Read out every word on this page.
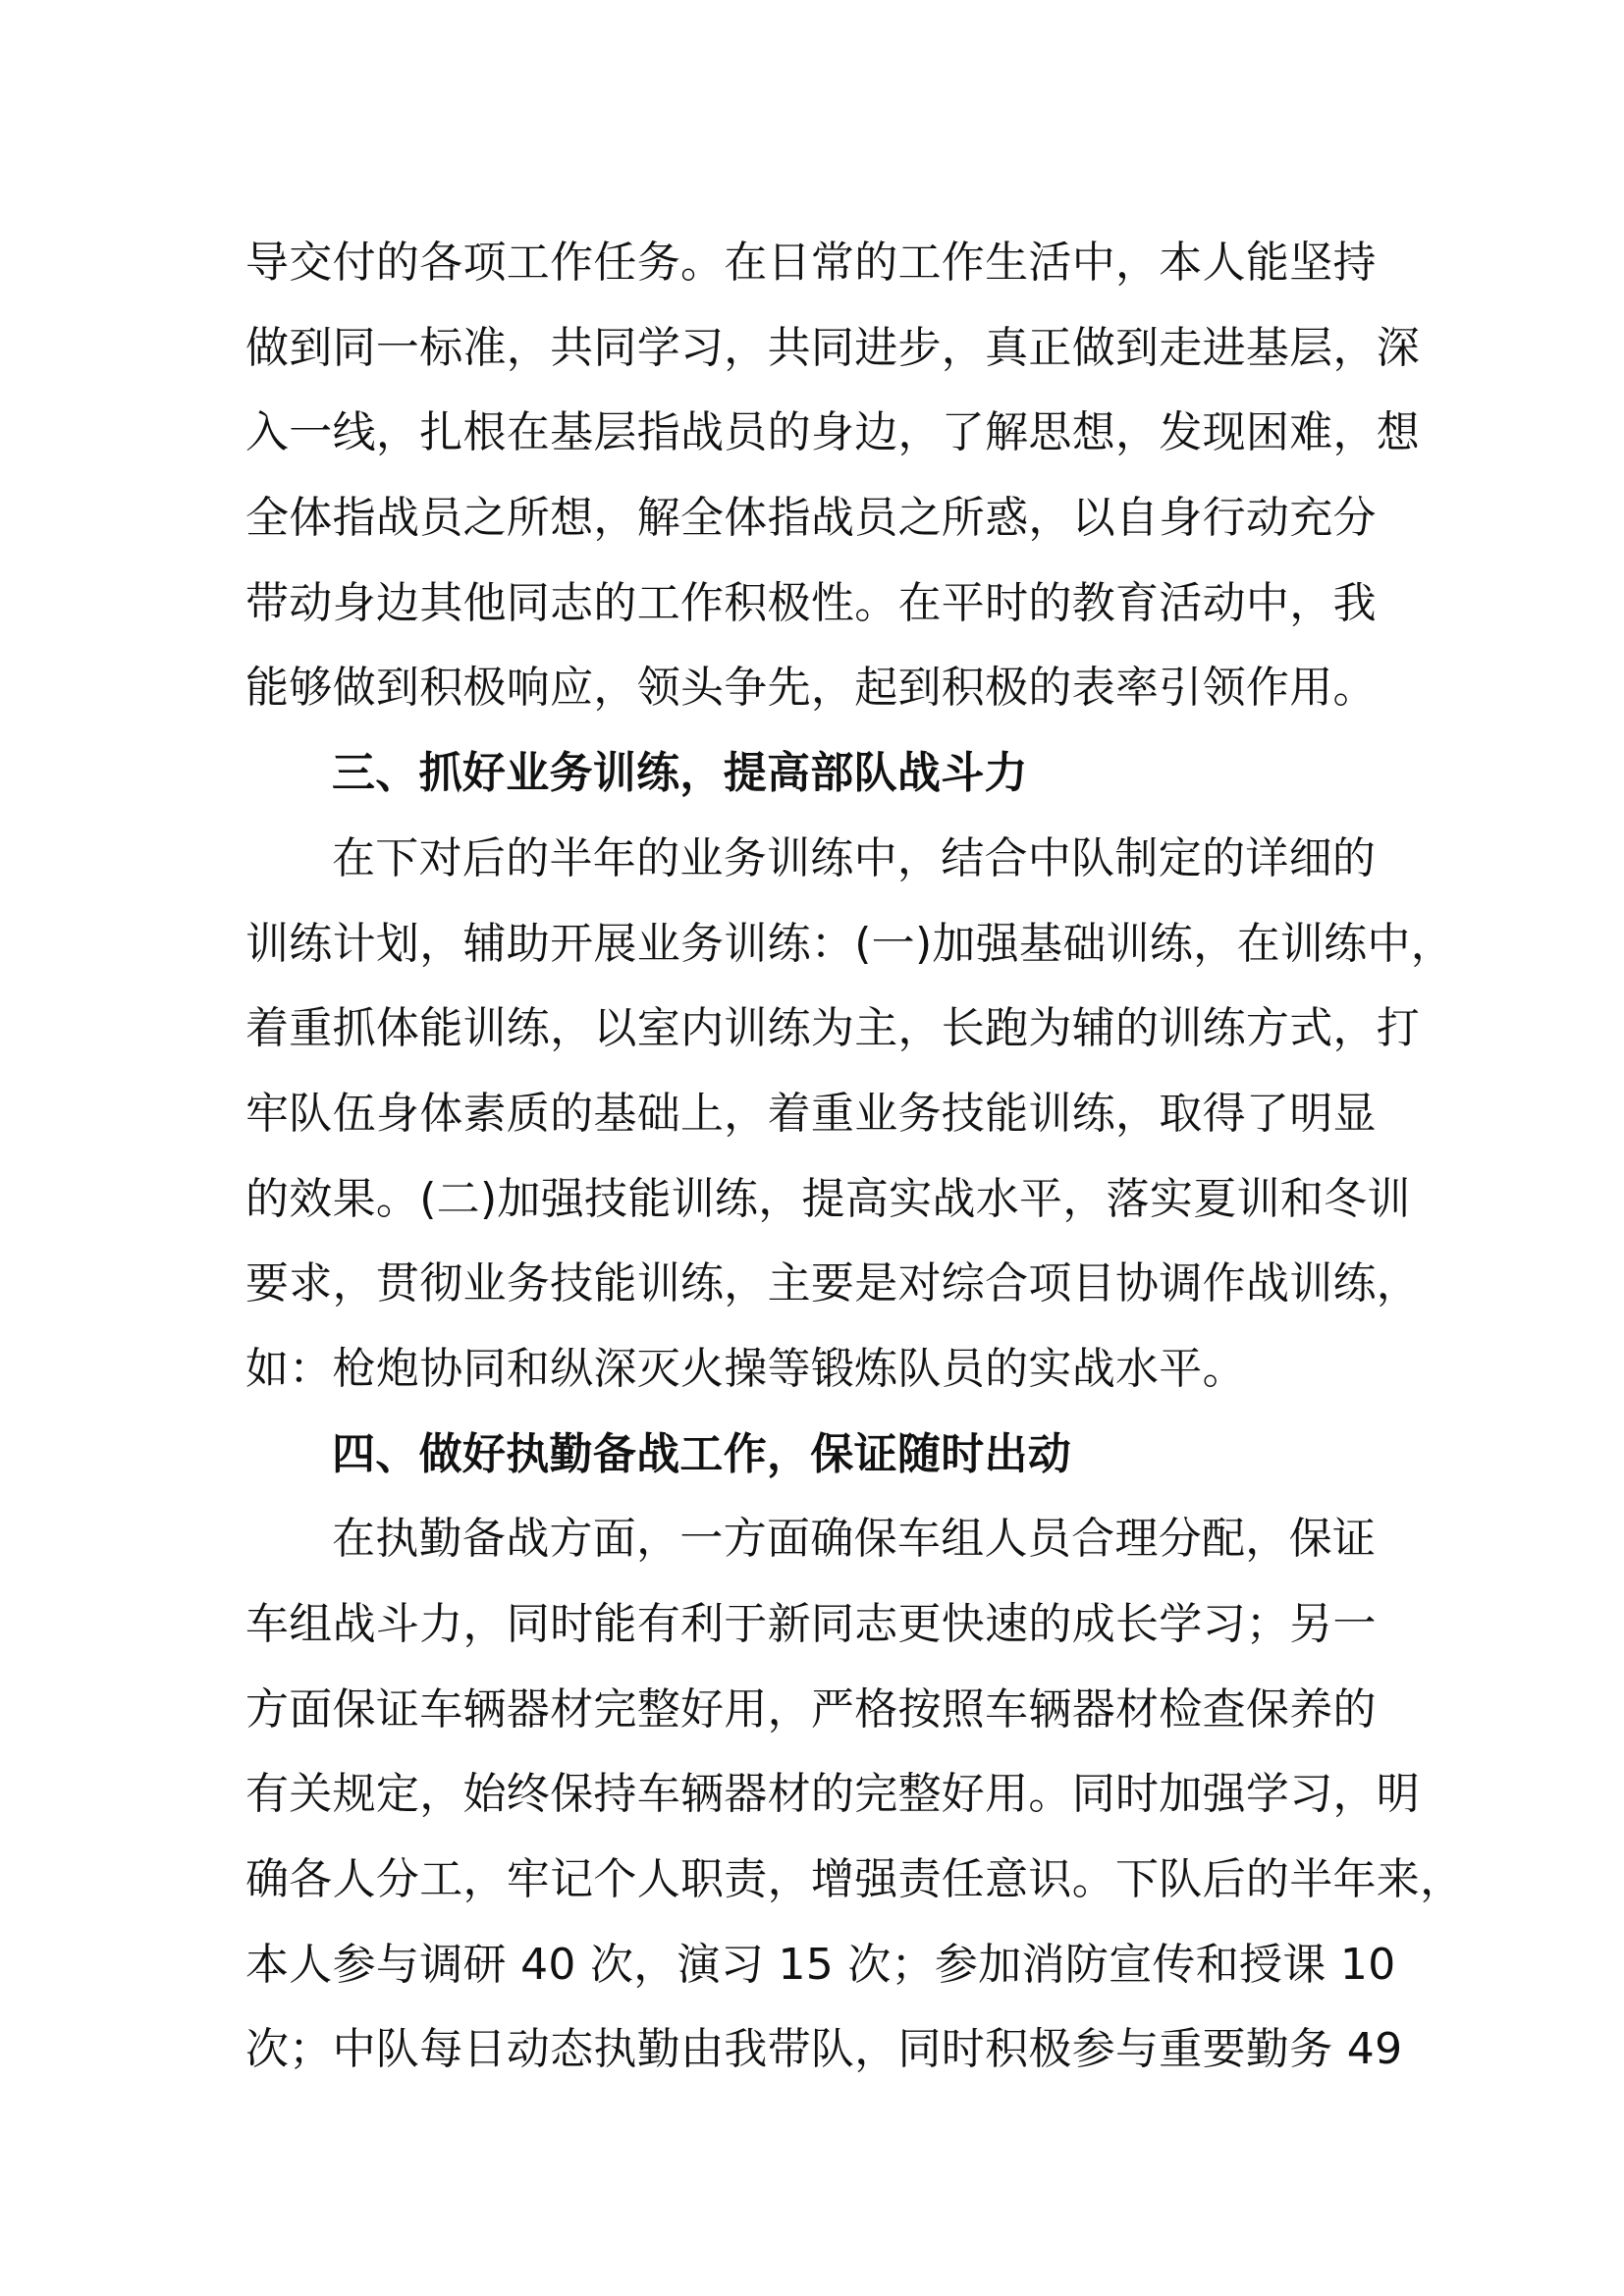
导交付的各项工作任务。在日常的工作生活中，本人能坚持
做到同一标准，共同学习，共同进步，真正做到走进基层，深
入一线，扎根在基层指战员的身边，了解思想，发现困难，想
全体指战员之所想，解全体指战员之所惑，以自身行动充分
带动身边其他同志的工作积极性。在平时的教育活动中，我
能够做到积极响应，领头争先，起到积极的表率引领作用。
三、抓好业务训练，提高部队战斗力
在下对后的半年的业务训练中，结合中队制定的详细的
训练计划，辅助开展业务训练：(一)加强基础训练，在训练中，
着重抓体能训练，以室内训练为主，长跑为辅的训练方式，打
牢队伍身体素质的基础上，着重业务技能训练，取得了明显
的效果。(二)加强技能训练，提高实战水平，落实夏训和冬训
要求，贯彻业务技能训练，主要是对综合项目协调作战训练，
如：枪炮协同和纵深灭火操等锻炼队员的实战水平。
四、做好执勤备战工作，保证随时出动
在执勤备战方面，一方面确保车组人员合理分配，保证
车组战斗力，同时能有利于新同志更快速的成长学习；另一
方面保证车辆器材完整好用，严格按照车辆器材检查保养的
有关规定，始终保持车辆器材的完整好用。同时加强学习，明
确各人分工，牢记个人职责，增强责任意识。下队后的半年来，
本人参与调研 40 次，演习 15 次；参加消防宣传和授课 10
次；中队每日动态执勤由我带队，同时积极参与重要勤务 49
